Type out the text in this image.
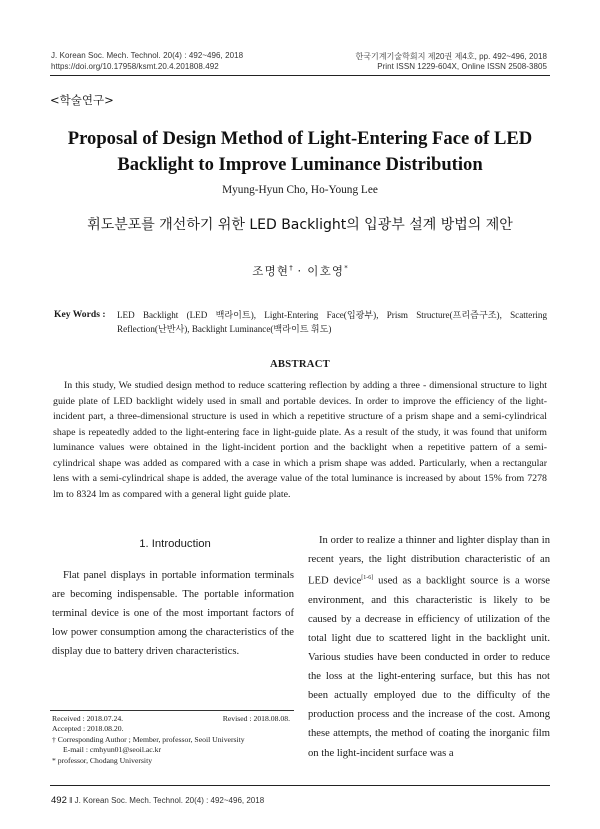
J. Korean Soc. Mech. Technol. 20(4) : 492~496, 2018
https://doi.org/10.17958/ksmt.20.4.201808.492
한국기계기술학회지 제20권 제4호, pp. 492~496, 2018
Print ISSN 1229-604X, Online ISSN 2508-3805
<학술연구>
Proposal of Design Method of Light-Entering Face of LED Backlight to Improve Luminance Distribution
Myung-Hyun Cho, Ho-Young Lee
휘도분포를 개선하기 위한 LED Backlight의 입광부 설계 방법의 제안
조명현† · 이호영*
Key Words : LED Backlight (LED 백라이트), Light-Entering Face(입광부), Prism Structure(프리즘구조), Scattering Reflection(난반사), Backlight Luminance(백라이트 휘도)
ABSTRACT
In this study, We studied design method to reduce scattering reflection by adding a three - dimensional structure to light guide plate of LED backlight widely used in small and portable devices. In order to improve the efficiency of the light-incident part, a three-dimensional structure is used in which a repetitive structure of a prism shape and a semi-cylindrical shape is repeatedly added to the light-entering face in light-guide plate. As a result of the study, it was found that uniform luminance values were obtained in the light-incident portion and the backlight when a repetitive pattern of a semi-cylindrical shape was added as compared with a case in which a prism shape was added. Particularly, when a rectangular lens with a semi-cylindrical shape is added, the average value of the total luminance is increased by about 15% from 7278 lm to 8324 lm as compared with a general light guide plate.
1. Introduction
Flat panel displays in portable information terminals are becoming indispensable. The portable information terminal device is one of the most important factors of low power consumption among the characteristics of the display due to battery driven characteristics.
In order to realize a thinner and lighter display than in recent years, the light distribution characteristic of an LED device[1-6] used as a backlight source is a worse environment, and this characteristic is likely to be caused by a decrease in efficiency of utilization of the total light due to scattered light in the backlight unit. Various studies have been conducted in order to reduce the loss at the light-entering surface, but this has not been actually employed due to the difficulty of the production process and the increase of the cost. Among these attempts, the method of coating the inorganic film on the light-incident surface was a
Received : 2018.07.24.	Revised : 2018.08.08.
Accepted : 2018.08.20.
† Corresponding Author ; Member, professor, Seoil University
E-mail : cmhyun01@seoil.ac.kr
* professor, Chodang University
492 ‖ J. Korean Soc. Mech. Technol. 20(4) : 492~496, 2018
